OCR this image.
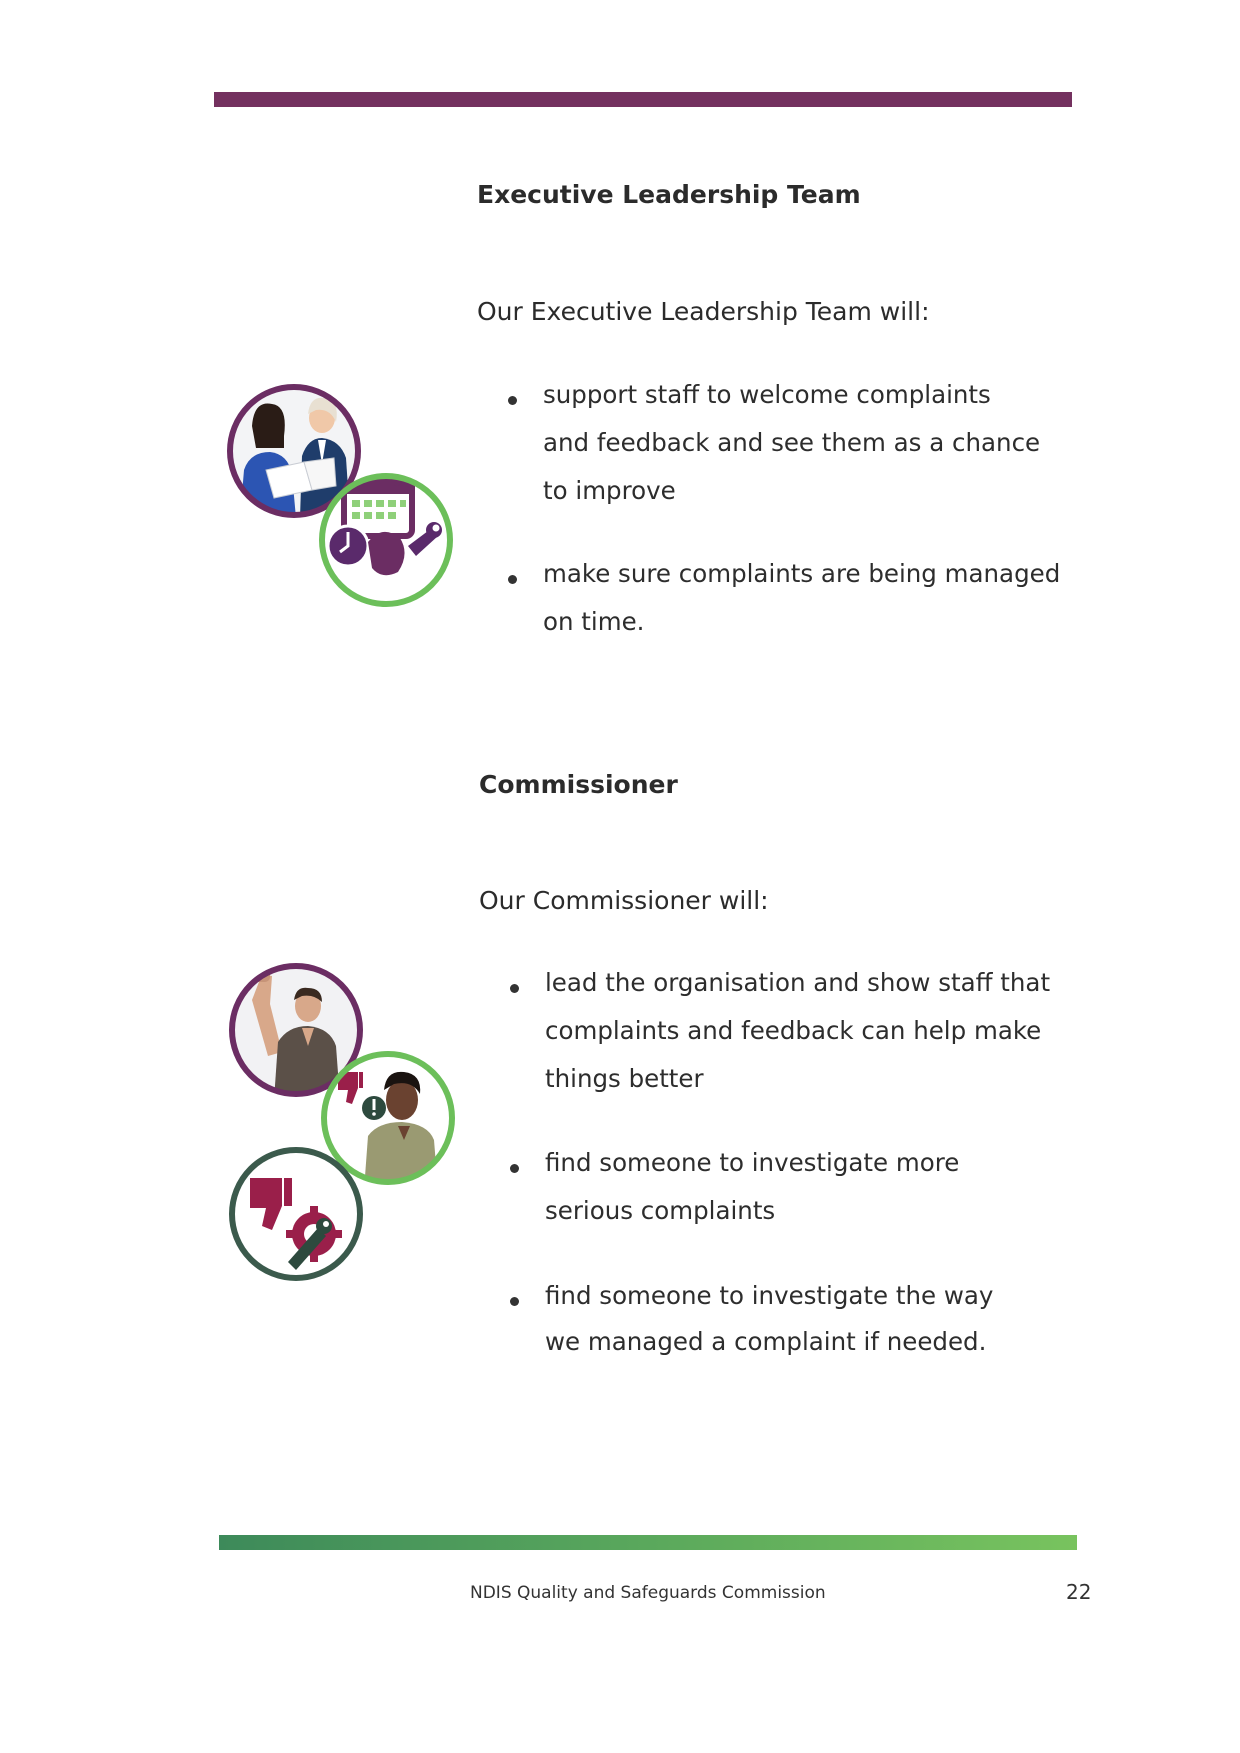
Executive Leadership Team

Our Executive Leadership Team will:

support staff to welcome complaints
and feedback and see them as a chance
to improve
make sure complaints are being managed
on time.
Commissioner

Our Commissioner will:

lead the organisation and show staff that
complaints and feedback can help make
things better
find someone to investigate more
serious complaints
find someone to investigate the way
we managed a complaint if needed.
NDIS Quality and Safeguards Commission	22
